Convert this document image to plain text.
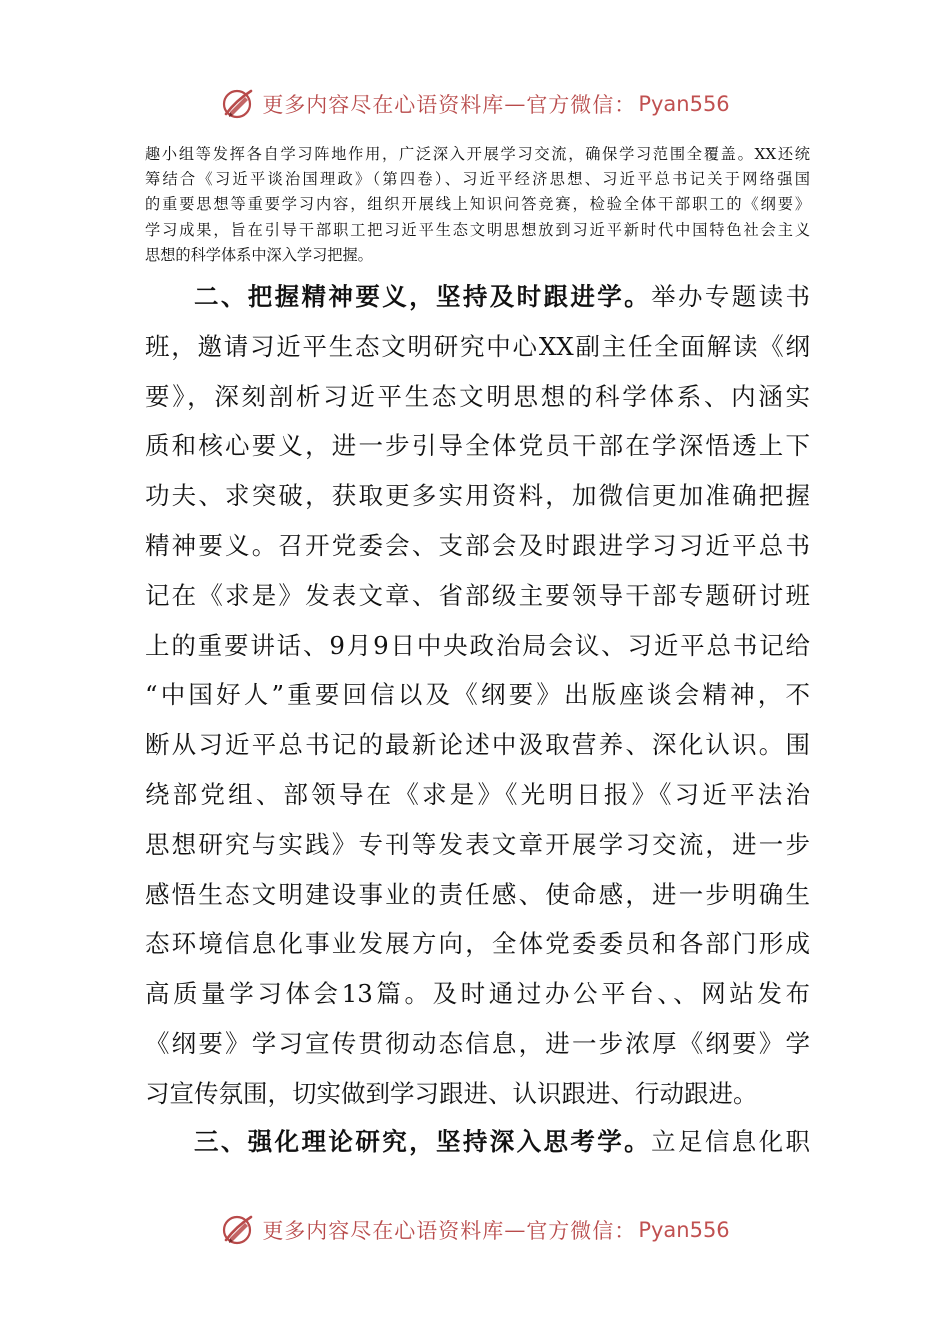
更多内容尽在心语资料库 — 官方微信： Pyan556
趣小组等发挥各自学习阵地作用，广泛深入开展学习交流，确保学习范围全覆盖。XX还统
筹结合《习近平谈治国理政》（第四卷）、习近平经济思想、习近平总书记关于网络强国
的重要思想等重要学习内容，组织开展线上知识问答竞赛，检验全体干部职工的《纲要》
学习成果，旨在引导干部职工把习近平生态文明思想放到习近平新时代中国特色社会主义
思想的科学体系中深入学习把握。
二、把握精神要义，坚持及时跟进学。举办专题读书
班，邀请习近平生态文明研究中心XX副主任全面解读《纲
要》，深刻剖析习近平生态文明思想的科学体系、内涵实
质和核心要义，进一步引导全体党员干部在学深悟透上下
功夫、求突破，获取更多实用资料，加微信更加准确把握
精神要义。召开党委会、支部会及时跟进学习习近平总书
记在《求是》发表文章、省部级主要领导干部专题研讨班
上的重要讲话、9月9日中央政治局会议、习近平总书记给
“中国好人”重要回信以及《纲要》出版座谈会精神，不
断从习近平总书记的最新论述中汲取营养、深化认识。围
绕部党组、部领导在《求是》《光明日报》《习近平法治
思想研究与实践》专刊等发表文章开展学习交流，进一步
感悟生态文明建设事业的责任感、使命感，进一步明确生
态环境信息化事业发展方向，全体党委委员和各部门形成
高质量学习体会13篇。及时通过办公平台、、网站发布
《纲要》学习宣传贯彻动态信息，进一步浓厚《纲要》学
习宣传氛围，切实做到学习跟进、认识跟进、行动跟进。
三、强化理论研究，坚持深入思考学。立足信息化职
更多内容尽在心语资料库 — 官方微信： Pyan556
